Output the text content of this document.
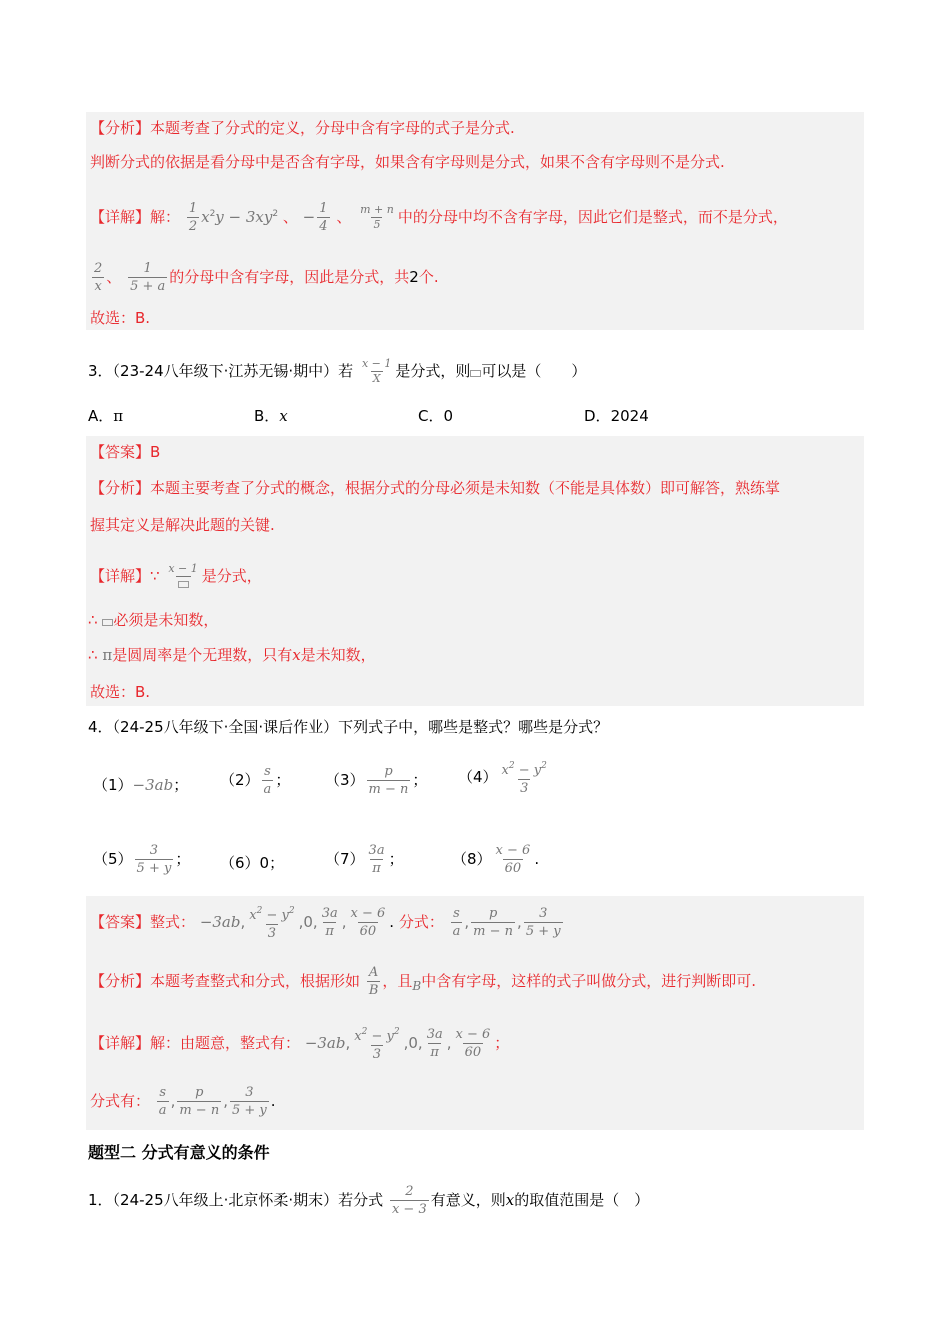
【分析】本题考查了分式的定义，分母中含有字母的式子是分式.
判断分式的依据是看分母中是否含有字母，如果含有字母则是分式，如果不含有字母则不是分式.
【详解】解： $\frac{1}{2} x^2y - 3xy^2$ 、 − $\frac{1}{4}$ 、 $\frac{m + n}{5}$ 中的分母中均不含有字母，因此它们是整式，而不是分式，
$\frac{2}{x}$ 、 $\frac{1}{5 + a}$ 的分母中含有字母，因此是分式，共2个.
故选：B.
3．（23-24八年级下·江苏无锡·期中）若 $\frac{x - 1}{X}$ 是分式，则 可以是（　　）
A．π	B．x	C．0	D．2024
【答案】B
【分析】本题主要考查了分式的概念，根据分式的分母必须是未知数（不能是具体数）即可解答，熟练掌
握其定义是解决此题的关键.
【详解】∵ x − 1 是分式，
∴ 必须是未知数，
∴ π是圆周率是个无理数，只有x是未知数，
故选：B.
4．（24-25八年级下·全国·课后作业）下列式子中，哪些是整式？哪些是分式？
（1）−3ab； $(2) \frac{s}{a}$ ； $(3) \frac{p}{m - n}$ ； $(4) \frac{x^2 - y^2}{3}$
$(5) \frac{3}{5 + y}$ ； （6）0；	$(7) \frac{3a}{\pi}$ ；	$(8) \frac{x - 6}{60}$ .
【答案】整式： −3ab, $\frac{x^2 - y^2}{3} ,0$, $\frac{3a}{\pi}$ , $\frac{x - 6}{60}$ . 分式： $\frac{s}{a}$ , $\frac{p}{m - n}$ , $\frac{3}{5 + y}$
【分析】本题考查整式和分式，根据形如 $\frac{A}{B}$ ，且$_B$中含有字母，这样的式子叫做分式，进行判断即可.
【详解】解：由题意，整式有： −3ab, $\frac{x^2 - y^2}{3} ,0$, $\frac{3a}{\pi}$ , $\frac{x - 6}{60}$ ；
分式有： $\frac{s}{a}$ , $\frac{p}{m - n}$ , $\frac{3}{5 + y}$ .
题型二 分式有意义的条件
1．（24-25八年级上·北京怀柔·期末）若分式 $\frac{2}{x - 3}$ 有意义，则x的取值范围是（　）
